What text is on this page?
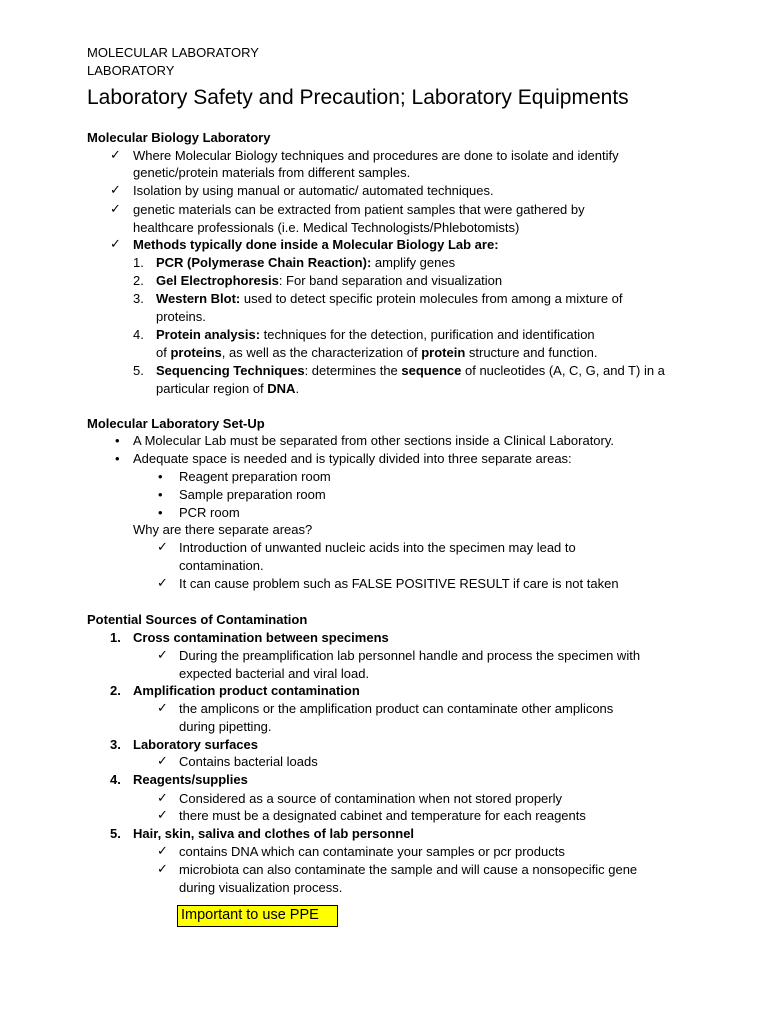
MOLECULAR LABORATORY
LABORATORY
Laboratory Safety and Precaution; Laboratory Equipments
Molecular Biology Laboratory
✓ Where Molecular Biology techniques and procedures are done to isolate and identify
genetic/protein materials from different samples.
✓ Isolation by using manual or automatic/ automated techniques.
✓ genetic materials can be extracted from patient samples that were gathered by
healthcare professionals (i.e. Medical Technologists/Phlebotomists)
✓ Methods typically done inside a Molecular Biology Lab are:
1. PCR (Polymerase Chain Reaction): amplify genes
2. Gel Electrophoresis: For band separation and visualization
3. Western Blot: used to detect specific protein molecules from among a mixture of
proteins.
4. Protein analysis: techniques for the detection, purification and identification
of proteins, as well as the characterization of protein structure and function.
5. Sequencing Techniques: determines the sequence of nucleotides (A, C, G, and T) in a
particular region of DNA.
Molecular Laboratory Set-Up
• A Molecular Lab must be separated from other sections inside a Clinical Laboratory.
• Adequate space is needed and is typically divided into three separate areas:
• Reagent preparation room
• Sample preparation room
• PCR room
Why are there separate areas?
✓ Introduction of unwanted nucleic acids into the specimen may lead to
contamination.
✓ It can cause problem such as FALSE POSITIVE RESULT if care is not taken
Potential Sources of Contamination
1. Cross contamination between specimens
✓ During the preamplification lab personnel handle and process the specimen with
expected bacterial and viral load.
2. Amplification product contamination
✓ the amplicons or the amplification product can contaminate other amplicons
during pipetting.
3. Laboratory surfaces
✓ Contains bacterial loads
4. Reagents/supplies
✓ Considered as a source of contamination when not stored properly
✓ there must be a designated cabinet and temperature for each reagents
5. Hair, skin, saliva and clothes of lab personnel
✓ contains DNA which can contaminate your samples or pcr products
✓ microbiota can also contaminate the sample and will cause a nonsopecific gene
during visualization process.
Important to use PPE
